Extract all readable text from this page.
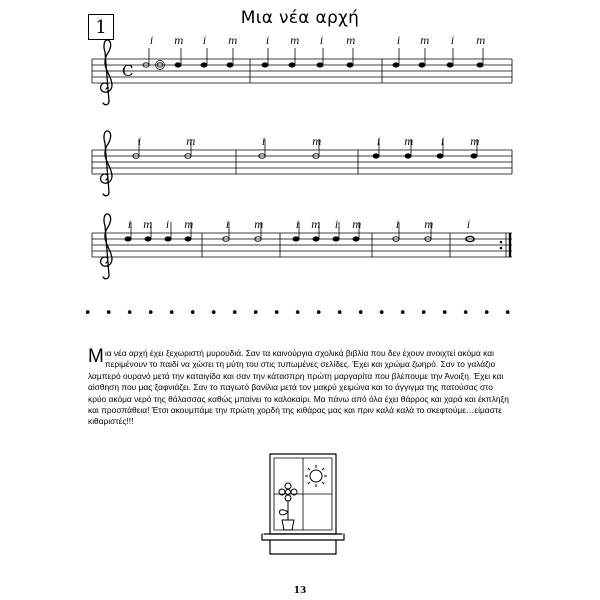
1	Μια νέα αρχή
C
i m i m	i m i m	i m i m
i	m	i	m	i m	i	m
i m i m	i m	i m i m	i m	i
• • • • • • • • • • • • • • • • • • • • •
Μια νέα αρχή έχει ξεχωριστή μυρουδιά. Σαν τα καινούργια σχολικά βιβλία που δεν έχουν ανοιχτεί ακόμα και περιμένουν το παιδί να χώσει τη μύτη του στις τυπωμένες σελίδες. Έχει και χρώμα ζωηρό. Σαν το γαλάζιο λαμπερό ουρανό μετά την καταιγίδα και σαν την κάτασπρη πρώτη μαργαρίτα που βλέπουμε την Άνοιξη. Έχει και αίσθηση που μας ξαφνιάζει. Σαν το παγωτό βανίλια μετά τον μακρύ χειμώνα και το άγγιγμα της πατούσας στο κρύο ακόμα νερό της θάλασσας καθώς μπαίνει το καλοκαίρι. Μα πάνω από όλα έχει θάρρος και χαρά και έκπληξη και προσπάθεια! Έτσι ακουμπάμε την πρώτη χορδή της κιθάρας μας και πριν καλά καλά το σκεφτούμε…είμαστε κιθαριστές!!!
13
